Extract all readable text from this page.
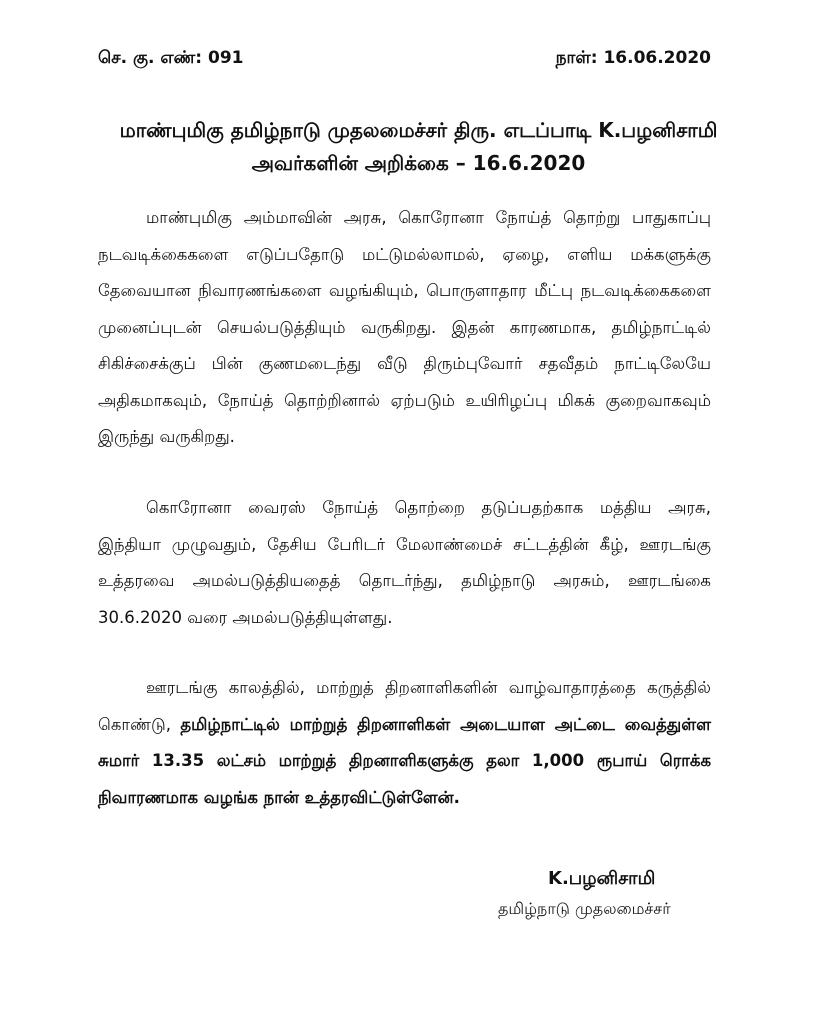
செ. கு. எண்: 091	நாள்: 16.06.2020
மாண்புமிகு தமிழ்நாடு முதலமைச்சர் திரு. எடப்பாடி K.பழனிசாமி
அவர்களின் அறிக்கை – 16.6.2020

மாண்புமிகு அம்மாவின் அரசு, கொரோனா நோய்த் தொற்று பாதுகாப்பு நடவடிக்கைகளை எடுப்பதோடு மட்டுமல்லாமல், ஏழை, எளிய மக்களுக்கு தேவையான நிவாரணங்களை வழங்கியும், பொருளாதார மீட்பு நடவடிக்கைகளை முனைப்புடன் செயல்படுத்தியும் வருகிறது. இதன் காரணமாக, தமிழ்நாட்டில் சிகிச்சைக்குப் பின் குணமடைந்து வீடு திரும்புவோர் சதவீதம் நாட்டிலேயே அதிகமாகவும், நோய்த் தொற்றினால் ஏற்படும் உயிரிழப்பு மிகக் குறைவாகவும் இருந்து வருகிறது.

கொரோனா வைரஸ் நோய்த் தொற்றை தடுப்பதற்காக மத்திய அரசு, இந்தியா முழுவதும், தேசிய பேரிடர் மேலாண்மைச் சட்டத்தின் கீழ், ஊரடங்கு உத்தரவை அமல்படுத்தியதைத் தொடர்ந்து, தமிழ்நாடு அரசும், ஊரடங்கை 30.6.2020 வரை அமல்படுத்தியுள்ளது.

ஊரடங்கு காலத்தில், மாற்றுத் திறனாளிகளின் வாழ்வாதாரத்தை கருத்தில் கொண்டு, தமிழ்நாட்டில் மாற்றுத் திறனாளிகள் அடையாள அட்டை வைத்துள்ள சுமார் 13.35 லட்சம் மாற்றுத் திறனாளிகளுக்கு தலா 1,000 ரூபாய் ரொக்க நிவாரணமாக வழங்க நான் உத்தரவிட்டுள்ளேன்.

K.பழனிசாமி
தமிழ்நாடு முதலமைச்சர்
